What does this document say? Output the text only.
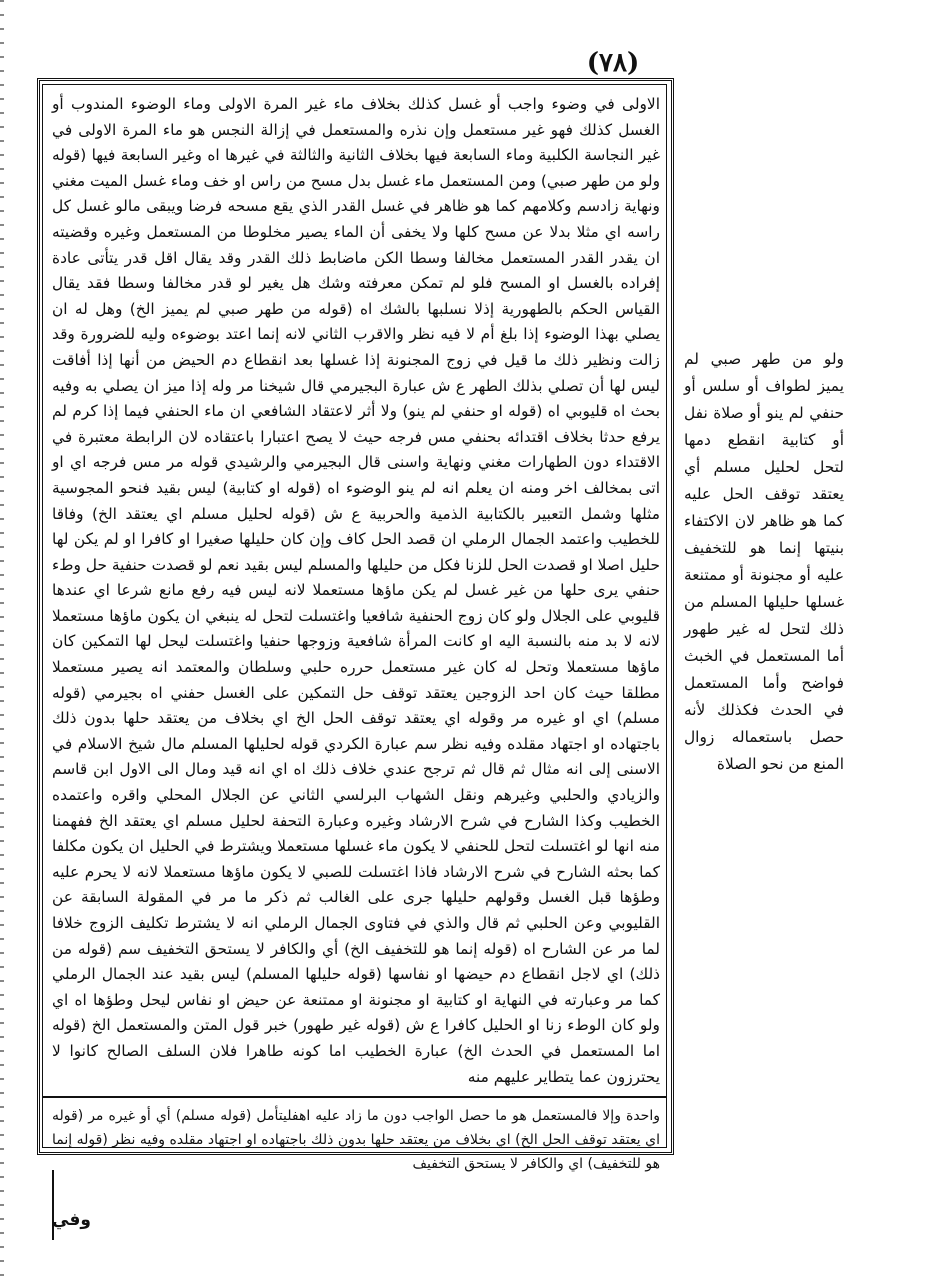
(٧٨)
الاولى في وضوء واجب أو غسل كذلك بخلاف ماء غير المرة الاولى وماء الوضوء المندوب أو الغسل كذلك فهو غير مستعمل وإن نذره والمستعمل في إزالة النجس هو ماء المرة الاولى في غير النجاسة الكلبية وماء السابعة فيها بخلاف الثانية والثالثة في غيرها اه وغير السابعة فيها (قوله ولو من طهر صبي) ومن المستعمل ماء غسل بدل مسح من راس او خف وماء غسل الميت مغني ونهاية زادسم وكلامهم كما هو ظاهر في غسل القدر الذي يقع مسحه فرضا ويبقى مالو غسل كل راسه اي مثلا بدلا عن مسح كلها ولا يخفى أن الماء يصير مخلوطا من المستعمل وغيره وقضيته ان يقدر القدر المستعمل مخالفا وسطا الكن ماضابط ذلك القدر وقد يقال اقل قدر يتأتى عادة إفراده بالغسل او المسح فلو لم تمكن معرفته وشك هل يغير لو قدر مخالفا وسطا فقد يقال القياس الحكم بالطهورية إذلا نسلبها بالشك اه (قوله من طهر صبي لم يميز الخ) وهل له ان يصلي بهذا الوضوء إذا بلغ أم لا فيه نظر والاقرب الثاني لانه إنما اعتد بوضوءه وليه للضرورة وقد زالت ونظير ذلك ما قيل في زوج المجنونة إذا غسلها بعد انقطاع دم الحيض من أنها إذا أفاقت ليس لها أن تصلي بذلك الطهر ع ش عبارة البجيرمي قال شيخنا مر وله إذا ميز ان يصلي به وفيه بحث اه قليوبي اه (قوله او حنفي لم ينو) ولا أثر لاعتقاد الشافعي ان ماء الحنفي فيما إذا كرم لم يرفع حدثا بخلاف اقتدائه بحنفي مس فرجه حيث لا يصح اعتبارا باعتقاده لان الرابطة معتبرة في الاقتداء دون الطهارات مغني ونهاية واسنى قال البجيرمي والرشيدي قوله مر مس فرجه اي او اتى بمخالف اخر ومنه ان يعلم انه لم ينو الوضوء اه (قوله او كتابية) ليس بقيد فنحو المجوسية مثلها وشمل التعبير بالكتابية الذمية والحربية ع ش (قوله لحليل مسلم اي يعتقد الخ) وفاقا للخطيب واعتمد الجمال الرملي ان قصد الحل كاف وإن كان حليلها صغيرا او كافرا او لم يكن لها حليل اصلا او قصدت الحل للزنا فكل من حليلها والمسلم ليس بقيد نعم لو قصدت حنفية حل وطء حنفي يرى حلها من غير غسل لم يكن ماؤها مستعملا لانه ليس فيه رفع مانع شرعا اي عندها قليوبي على الجلال ولو كان زوج الحنفية شافعيا واغتسلت لتحل له ينبغي ان يكون ماؤها مستعملا لانه لا بد منه بالنسبة اليه او كانت المرأة شافعية وزوجها حنفيا واغتسلت ليحل لها التمكين كان ماؤها مستعملا وتحل له كان غير مستعمل حرره حلبي وسلطان والمعتمد انه يصير مستعملا مطلقا حيث كان احد الزوجين يعتقد توقف حل التمكين على الغسل حفني اه بجيرمي (قوله مسلم) اي او غيره مر وقوله اي يعتقد توقف الحل الخ اي بخلاف من يعتقد حلها بدون ذلك باجتهاده او اجتهاد مقلده وفيه نظر سم عبارة الكردي قوله لحليلها المسلم مال شيخ الاسلام في الاسنى إلى انه مثال ثم قال ثم ترجح عندي خلاف ذلك اه اي انه قيد ومال الى الاول ابن قاسم والزيادي والحلبي وغيرهم ونقل الشهاب البرلسي الثاني عن الجلال المحلي واقره واعتمده الخطيب وكذا الشارح في شرح الارشاد وغيره وعبارة التحفة لحليل مسلم اي يعتقد الخ ففهمنا منه انها لو اغتسلت لتحل للحنفي لا يكون ماء غسلها مستعملا ويشترط في الحليل ان يكون مكلفا كما بحثه الشارح في شرح الارشاد فاذا اغتسلت للصبي لا يكون ماؤها مستعملا لانه لا يحرم عليه وطؤها قبل الغسل وقولهم حليلها جرى على الغالب ثم ذكر ما مر في المقولة السابقة عن القليوبي وعن الحلبي ثم قال والذي في فتاوى الجمال الرملي انه لا يشترط تكليف الزوج خلافا لما مر عن الشارح اه (قوله إنما هو للتخفيف الخ) أي والكافر لا يستحق التخفيف سم (قوله من ذلك) اي لاجل انقطاع دم حيضها او نفاسها (قوله حليلها المسلم) ليس بقيد عند الجمال الرملي كما مر وعبارته في النهاية او كتابية او مجنونة او ممتنعة عن حيض او نفاس ليحل وطؤها اه اي ولو كان الوطء زنا او الحليل كافرا ع ش (قوله غير طهور) خبر قول المتن والمستعمل الخ (قوله اما المستعمل في الحدث الخ) عبارة الخطيب اما كونه طاهرا فلان السلف الصالح كانوا لا يحترزون عما يتطاير عليهم منه
واحدة وإلا فالمستعمل هو ما حصل الواجب دون ما زاد عليه اهفليتأمل (قوله مسلم) أي أو غيره مر (قوله اي يعتقد توقف الحل الخ) اي بخلاف من يعتقد حلها بدون ذلك باجتهاده او اجتهاد مقلده وفيه نظر (قوله إنما هو للتخفيف) اي والكافر لا يستحق التخفيف
ولو من طهر صبي لم يميز لطواف أو سلس أو حنفي لم ينو أو صلاة نفل أو كتابية انقطع دمها لتحل لحليل مسلم أي يعتقد توقف الحل عليه كما هو ظاهر لان الاكتفاء بنيتها إنما هو للتخفيف عليه أو مجنونة أو ممتنعة غسلها حليلها المسلم من ذلك لتحل له غير طهور أما المستعمل في الخبث فواضح وأما المستعمل في الحدث فكذلك لأنه حصل باستعماله زوال المنع من نحو الصلاة
وفي
